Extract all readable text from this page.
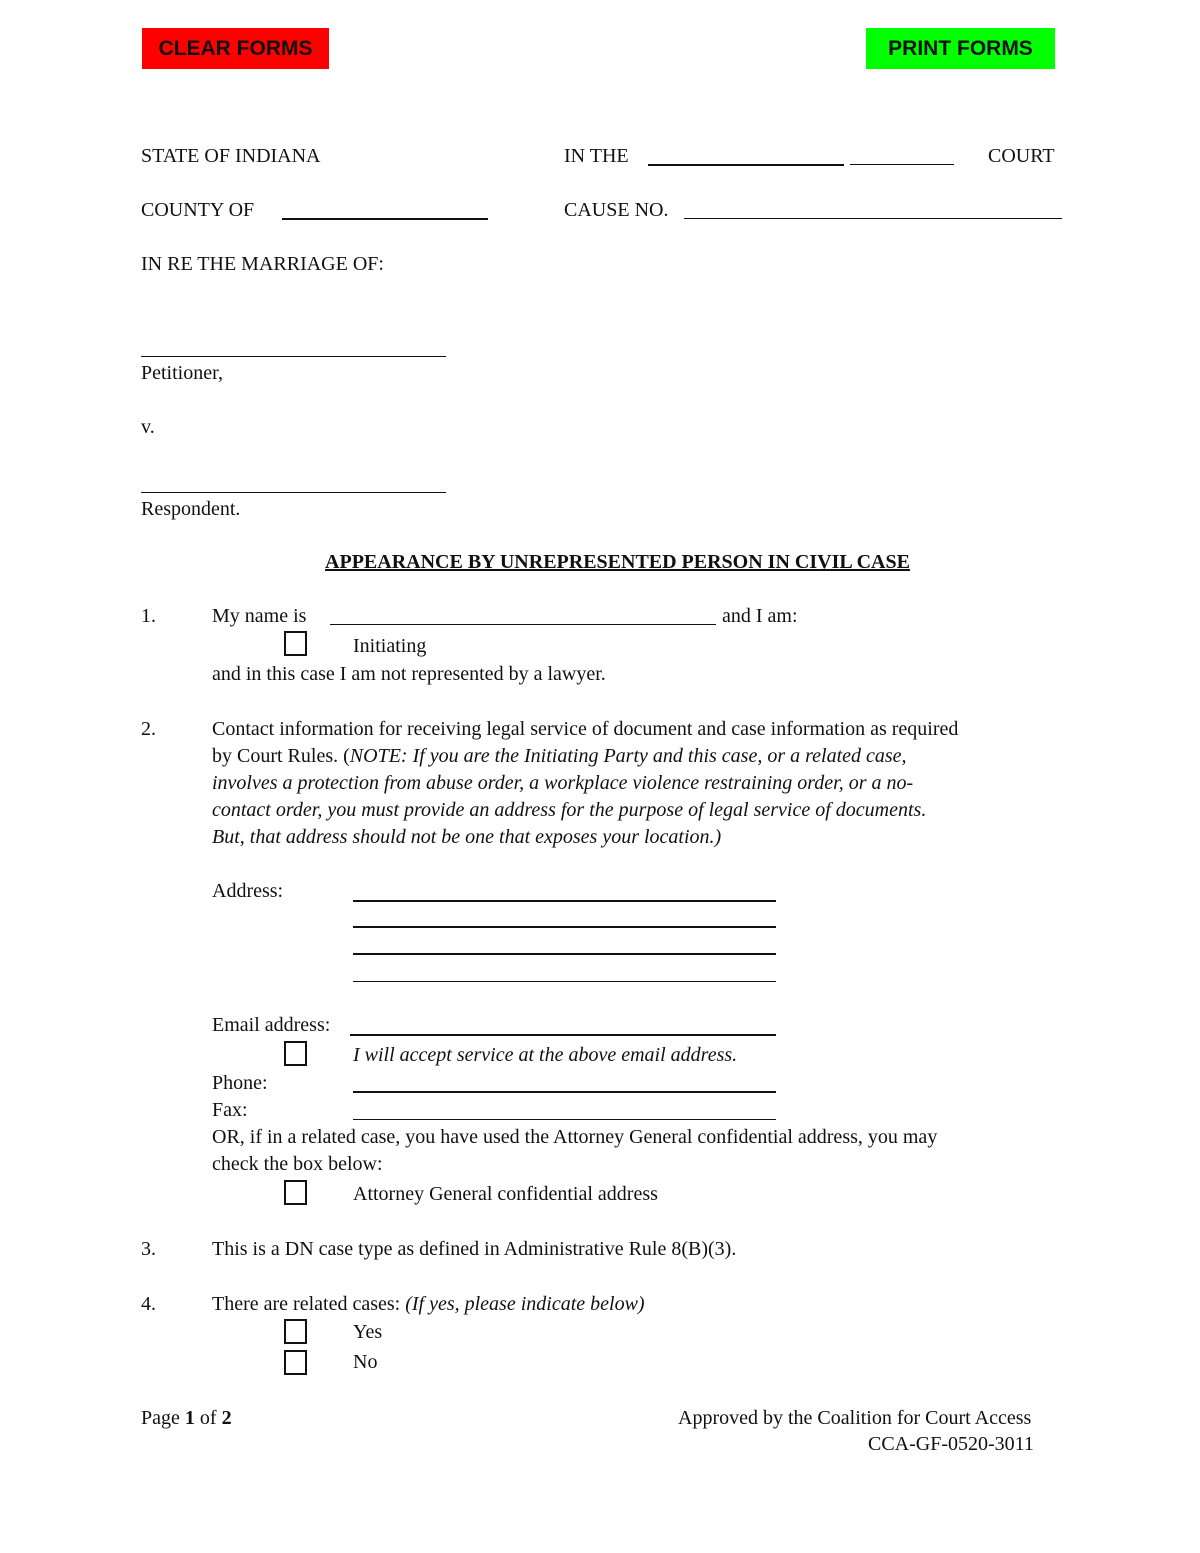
CLEAR FORMS	PRINT FORMS
STATE OF INDIANA	IN THE	COURT
COUNTY OF	CAUSE NO.
IN RE THE MARRIAGE OF:
Petitioner,
v.
Respondent.
APPEARANCE BY UNREPRESENTED PERSON IN CIVIL CASE
1.	My name is	and I am:
Initiating
and in this case I am not represented by a lawyer.
2.	Contact information for receiving legal service of document and case information as required
by Court Rules. (NOTE: If you are the Initiating Party and this case, or a related case,
involves a protection from abuse order, a workplace violence restraining order, or a no-
contact order, you must provide an address for the purpose of legal service of documents.
But, that address should not be one that exposes your location.)
Address:
Email address:
I will accept service at the above email address.
Phone:
Fax:
OR, if in a related case, you have used the Attorney General confidential address, you may
check the box below:
Attorney General confidential address
3.	This is a DN case type as defined in Administrative Rule 8(B)(3).
4.	There are related cases: (If yes, please indicate below)
Yes
No
Page 1 of 2	Approved by the Coalition for Court Access
CCA-GF-0520-3011
